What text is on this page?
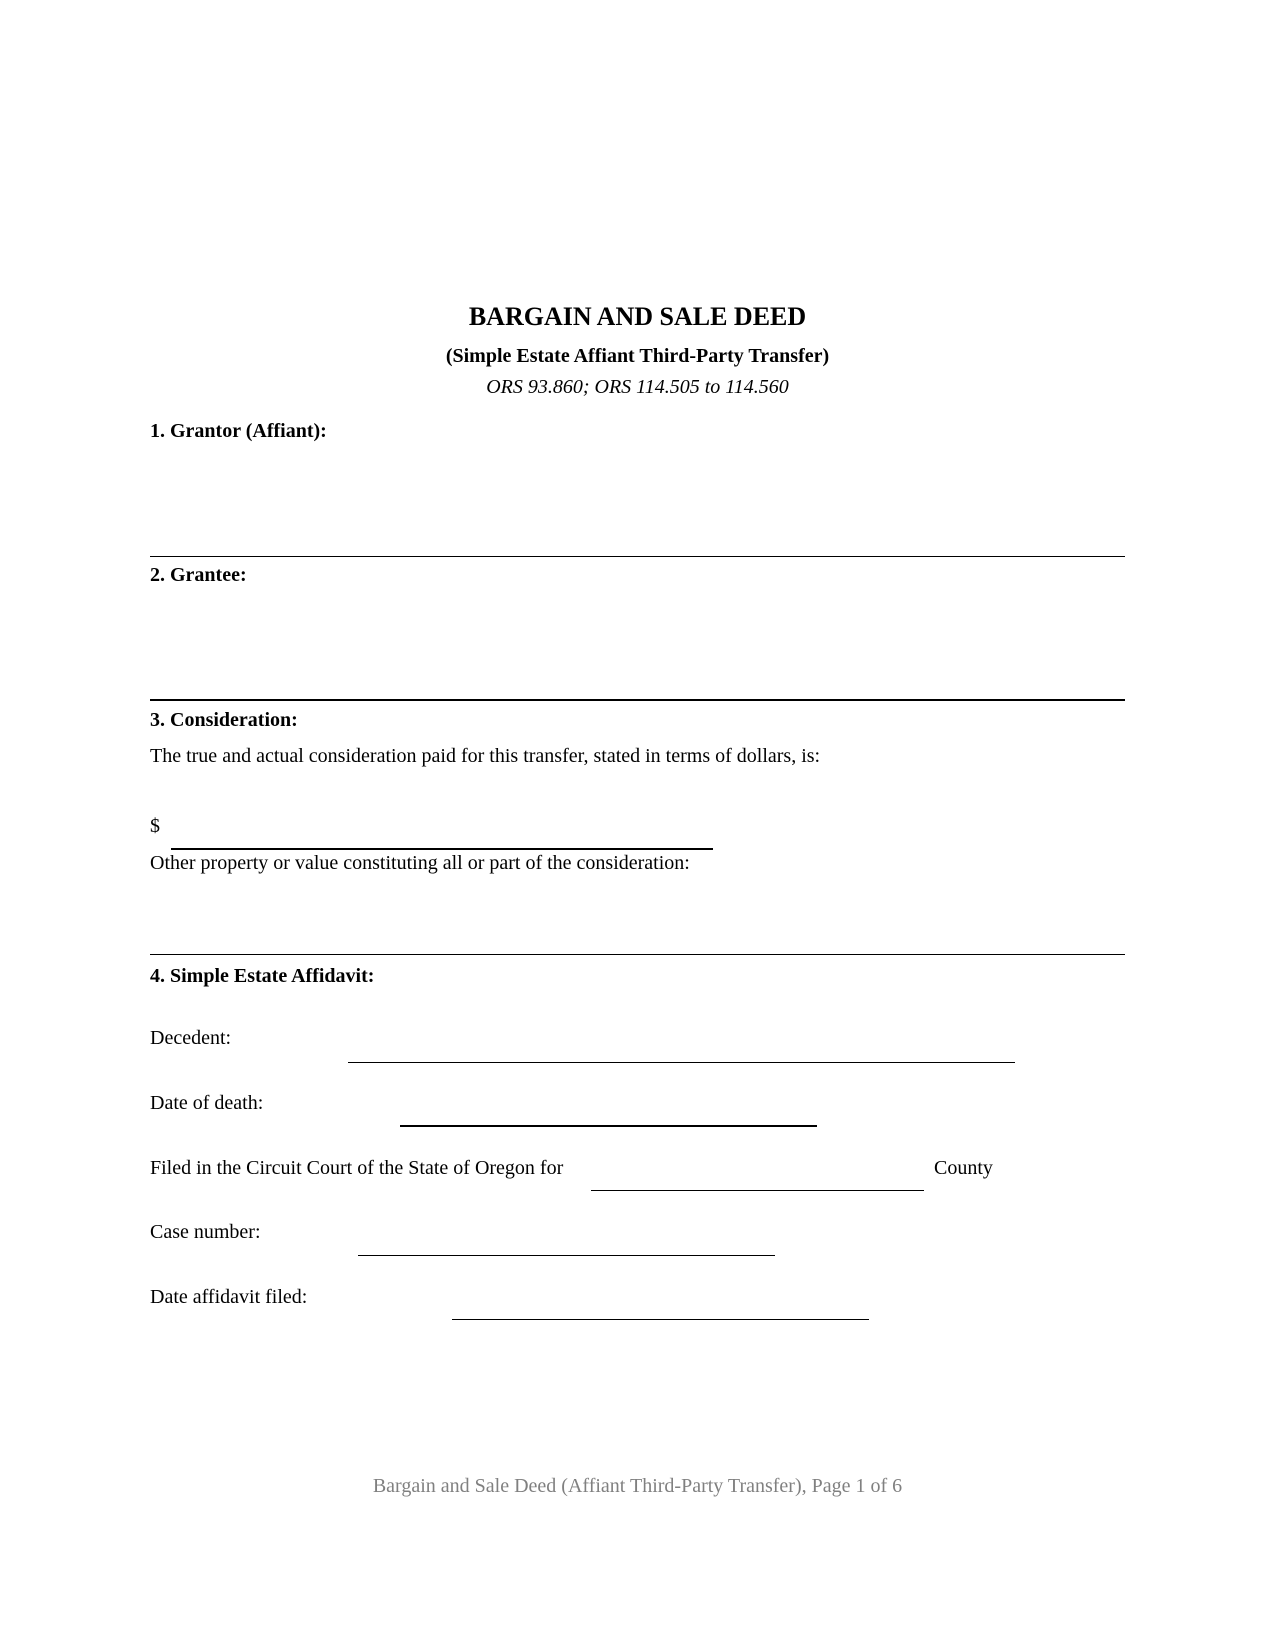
BARGAIN AND SALE DEED
(Simple Estate Affiant Third-Party Transfer)
ORS 93.860; ORS 114.505 to 114.560
1. Grantor (Affiant):
2. Grantee:
3. Consideration:
The true and actual consideration paid for this transfer, stated in terms of dollars, is:
$
Other property or value constituting all or part of the consideration:
4. Simple Estate Affidavit:
Decedent:
Date of death:
Filed in the Circuit Court of the State of Oregon for	County
Case number:
Date affidavit filed:
Bargain and Sale Deed (Affiant Third-Party Transfer), Page 1 of 6
